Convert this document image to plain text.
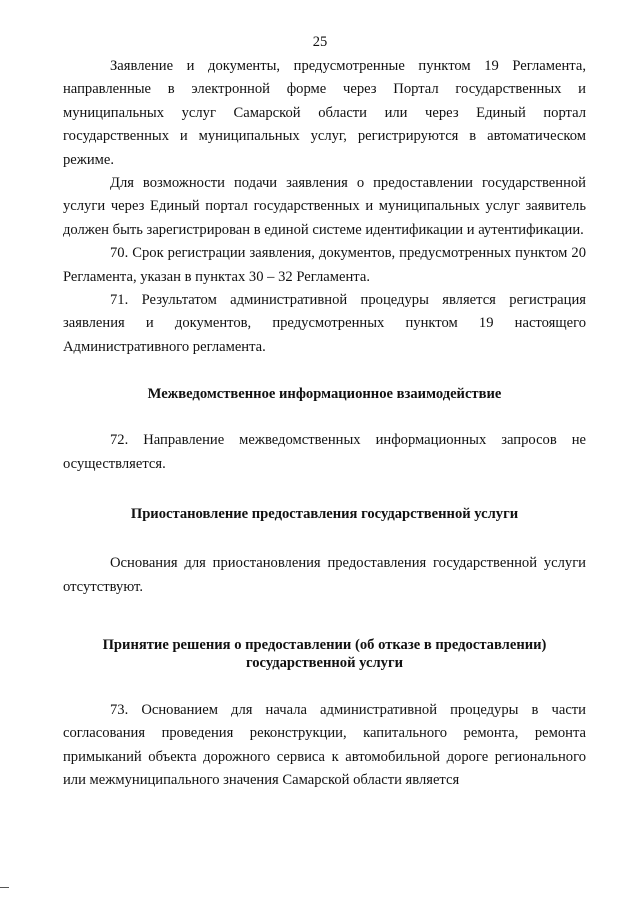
25

Заявление и документы, предусмотренные пунктом 19 Регламента, направленные в электронной форме через Портал государственных и муниципальных услуг Самарской области или через Единый портал государственных и муниципальных услуг, регистрируются в автоматическом режиме.

Для возможности подачи заявления о предоставлении государственной услуги через Единый портал государственных и муниципальных услуг заявитель должен быть зарегистрирован в единой системе идентификации и аутентификации.

70. Срок регистрации заявления, документов, предусмотренных пунктом 20 Регламента, указан в пунктах 30 – 32 Регламента.

71. Результатом административной процедуры является регистрация заявления и документов, предусмотренных пунктом 19 настоящего Административного регламента.

Межведомственное информационное взаимодействие

72. Направление межведомственных информационных запросов не осуществляется.

Приостановление предоставления государственной услуги

Основания для приостановления предоставления государственной услуги отсутствуют.

Принятие решения о предоставлении (об отказе в предоставлении)
государственной услуги

73. Основанием для начала административной процедуры в части согласования проведения реконструкции, капитального ремонта, ремонта примыканий объекта дорожного сервиса к автомобильной дороге регионального или межмуниципального значения Самарской области является
